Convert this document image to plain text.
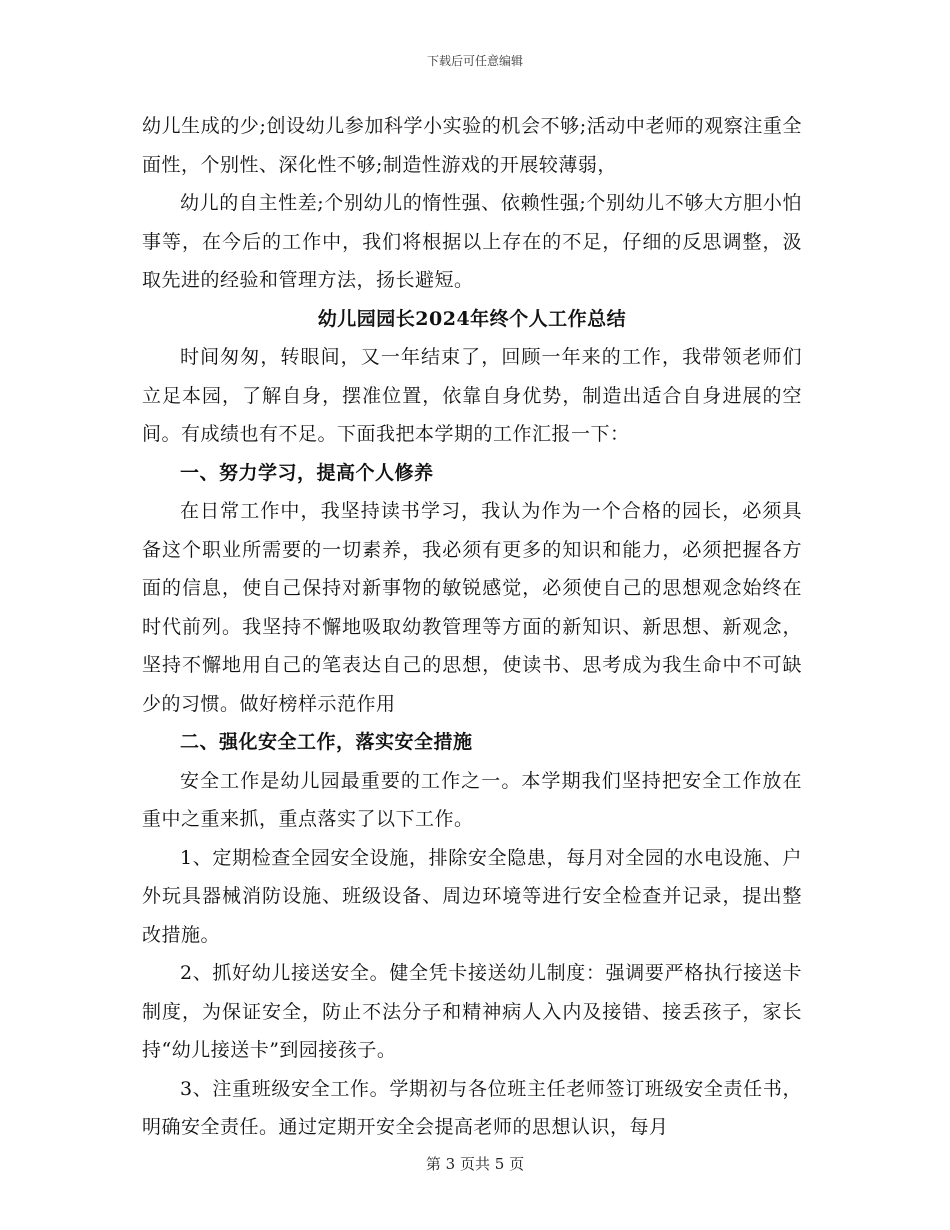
下载后可任意编辑

幼儿生成的少;创设幼儿参加科学小实验的机会不够;活动中老师的观察注重全面性，个别性、深化性不够;制造性游戏的开展较薄弱，

幼儿的自主性差;个别幼儿的惰性强、依赖性强;个别幼儿不够大方胆小怕事等，在今后的工作中，我们将根据以上存在的不足，仔细的反思调整，汲取先进的经验和管理方法，扬长避短。

幼儿园园长2024年终个人工作总结

时间匆匆，转眼间，又一年结束了，回顾一年来的工作，我带领老师们立足本园，了解自身，摆准位置，依靠自身优势，制造出适合自身进展的空间。有成绩也有不足。下面我把本学期的工作汇报一下：

一、努力学习，提高个人修养

在日常工作中，我坚持读书学习，我认为作为一个合格的园长，必须具备这个职业所需要的一切素养，我必须有更多的知识和能力，必须把握各方面的信息，使自己保持对新事物的敏锐感觉，必须使自己的思想观念始终在时代前列。我坚持不懈地吸取幼教管理等方面的新知识、新思想、新观念，坚持不懈地用自己的笔表达自己的思想，使读书、思考成为我生命中不可缺少的习惯。做好榜样示范作用

二、强化安全工作，落实安全措施

安全工作是幼儿园最重要的工作之一。本学期我们坚持把安全工作放在重中之重来抓，重点落实了以下工作。

1、定期检查全园安全设施，排除安全隐患，每月对全园的水电设施、户外玩具器械消防设施、班级设备、周边环境等进行安全检查并记录，提出整改措施。

2、抓好幼儿接送安全。健全凭卡接送幼儿制度：强调要严格执行接送卡制度，为保证安全，防止不法分子和精神病人入内及接错、接丢孩子，家长持“幼儿接送卡”到园接孩子。

3、注重班级安全工作。学期初与各位班主任老师签订班级安全责任书，明确安全责任。通过定期开安全会提高老师的思想认识，每月

第 3 页共 5 页
